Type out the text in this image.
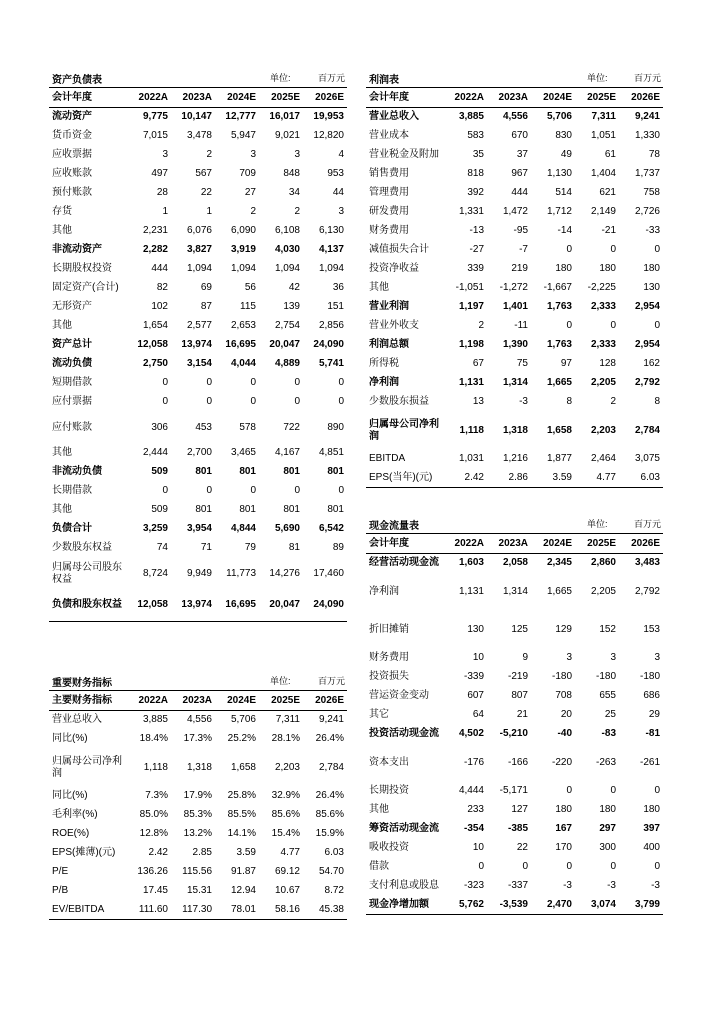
资产负债表	单位:	百万元
会计年度	2022A	2023A	2024E	2025E	2026E
流动资产	9,775	10,147	12,777	16,017	19,953
货币资金	7,015	3,478	5,947	9,021	12,820
应收票据	3	2	3	3	4
应收账款	497	567	709	848	953
预付账款	28	22	27	34	44
存货	1	1	2	2	3
其他	2,231	6,076	6,090	6,108	6,130
非流动资产	2,282	3,827	3,919	4,030	4,137
长期股权投资	444	1,094	1,094	1,094	1,094
固定资产(合计)	82	69	56	42	36
无形资产	102	87	115	139	151
其他	1,654	2,577	2,653	2,754	2,856
资产总计	12,058	13,974	16,695	20,047	24,090
流动负债	2,750	3,154	4,044	4,889	5,741
短期借款	0	0	0	0	0
应付票据	0	0	0	0	0
应付账款	306	453	578	722	890
其他	2,444	2,700	3,465	4,167	4,851
非流动负债	509	801	801	801	801
长期借款	0	0	0	0	0
其他	509	801	801	801	801
负债合计	3,259	3,954	4,844	5,690	6,542
少数股东权益	74	71	79	81	89
归属母公司股东权益	8,724	9,949	11,773	14,276	17,460
负债和股东权益	12,058	13,974	16,695	20,047	24,090
重要财务指标	单位:	百万元
主要财务指标	2022A	2023A	2024E	2025E	2026E
营业总收入	3,885	4,556	5,706	7,311	9,241
同比(%)	18.4%	17.3%	25.2%	28.1%	26.4%
归属母公司净利润	1,118	1,318	1,658	2,203	2,784
同比(%)	7.3%	17.9%	25.8%	32.9%	26.4%
毛利率(%)	85.0%	85.3%	85.5%	85.6%	85.6%
ROE(%)	12.8%	13.2%	14.1%	15.4%	15.9%
EPS(摊薄)(元)	2.42	2.85	3.59	4.77	6.03
P/E	136.26	115.56	91.87	69.12	54.70
P/B	17.45	15.31	12.94	10.67	8.72
EV/EBITDA	111.60	117.30	78.01	58.16	45.38
利润表	单位:	百万元
会计年度	2022A	2023A	2024E	2025E	2026E
营业总收入	3,885	4,556	5,706	7,311	9,241
营业成本	583	670	830	1,051	1,330
营业税金及附加	35	37	49	61	78
销售费用	818	967	1,130	1,404	1,737
管理费用	392	444	514	621	758
研发费用	1,331	1,472	1,712	2,149	2,726
财务费用	-13	-95	-14	-21	-33
减值损失合计	-27	-7	0	0	0
投资净收益	339	219	180	180	180
其他	-1,051	-1,272	-1,667	-2,225	130
营业利润	1,197	1,401	1,763	2,333	2,954
营业外收支	2	-11	0	0	0
利润总额	1,198	1,390	1,763	2,333	2,954
所得税	67	75	97	128	162
净利润	1,131	1,314	1,665	2,205	2,792
少数股东损益	13	-3	8	2	8
归属母公司净利润	1,118	1,318	1,658	2,203	2,784
EBITDA	1,031	1,216	1,877	2,464	3,075
EPS(当年)(元)	2.42	2.86	3.59	4.77	6.03
现金流量表	单位:	百万元
会计年度	2022A	2023A	2024E	2025E	2026E
经营活动现金流	1,603	2,058	2,345	2,860	3,483
净利润	1,131	1,314	1,665	2,205	2,792
折旧摊销	130	125	129	152	153
财务费用	10	9	3	3	3
投资损失	-339	-219	-180	-180	-180
营运资金变动	607	807	708	655	686
其它	64	21	20	25	29
投资活动现金流	4,502	-5,210	-40	-83	-81
资本支出	-176	-166	-220	-263	-261
长期投资	4,444	-5,171	0	0	0
其他	233	127	180	180	180
筹资活动现金流	-354	-385	167	297	397
吸收投资	10	22	170	300	400
借款	0	0	0	0	0
支付利息或股息	-323	-337	-3	-3	-3
现金净增加额	5,762	-3,539	2,470	3,074	3,799
